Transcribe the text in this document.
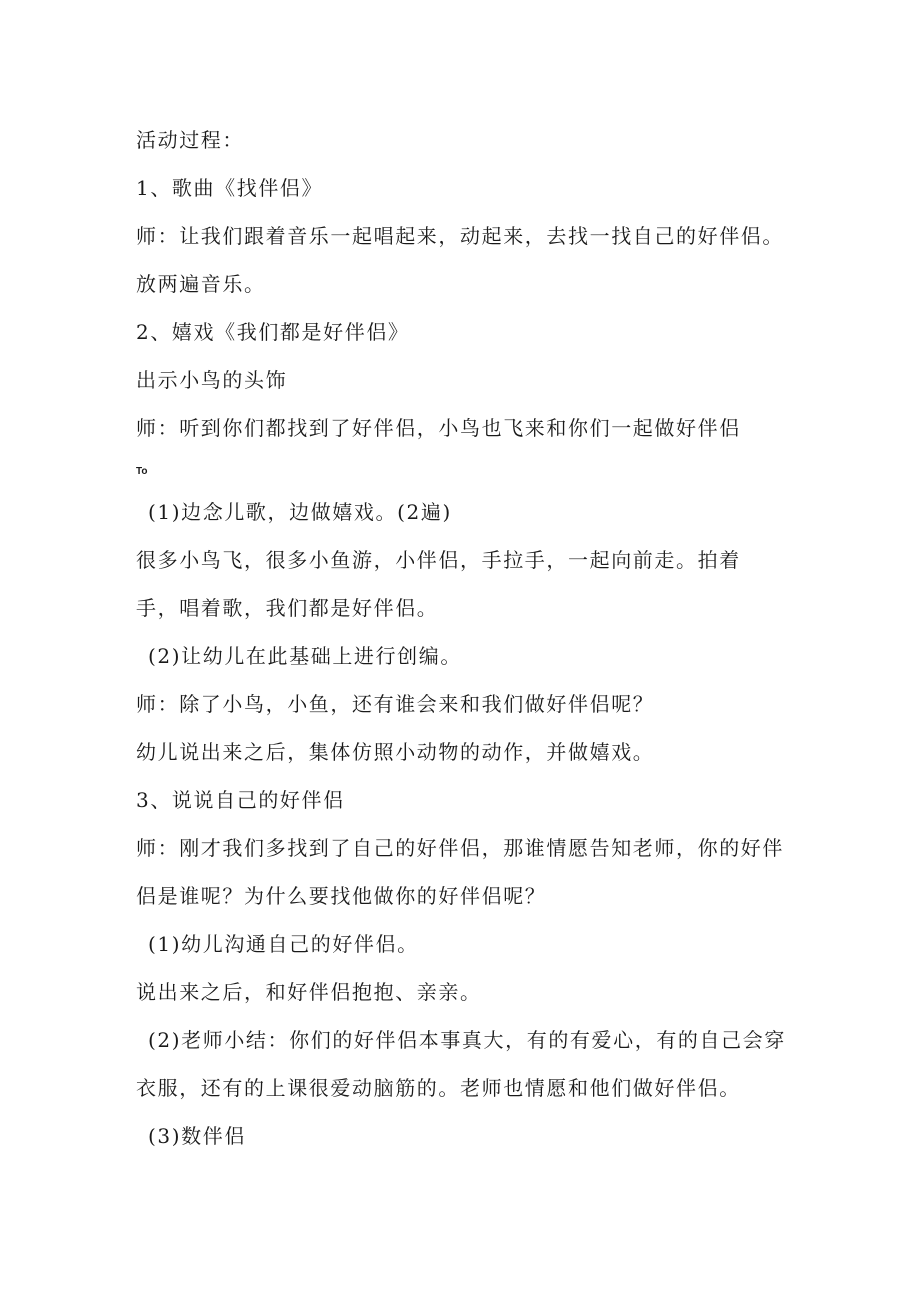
活动过程：

1、歌曲《找伴侣》

师：让我们跟着音乐一起唱起来，动起来，去找一找自己的好伴侣。

放两遍音乐。

2、嬉戏《我们都是好伴侣》

出示小鸟的头饰

师：听到你们都找到了好伴侣，小鸟也飞来和你们一起做好伴侣

To

(1)边念儿歌，边做嬉戏。(2遍)

很多小鸟飞，很多小鱼游，小伴侣，手拉手，一起向前走。拍着

手，唱着歌，我们都是好伴侣。

(2)让幼儿在此基础上进行创编。

师：除了小鸟，小鱼，还有谁会来和我们做好伴侣呢？

幼儿说出来之后，集体仿照小动物的动作，并做嬉戏。

3、说说自己的好伴侣

师：刚才我们多找到了自己的好伴侣，那谁情愿告知老师，你的好伴

侣是谁呢？为什么要找他做你的好伴侣呢？

(1)幼儿沟通自己的好伴侣。

说出来之后，和好伴侣抱抱、亲亲。

(2)老师小结：你们的好伴侣本事真大，有的有爱心，有的自己会穿

衣服，还有的上课很爱动脑筋的。老师也情愿和他们做好伴侣。

(3)数伴侣
